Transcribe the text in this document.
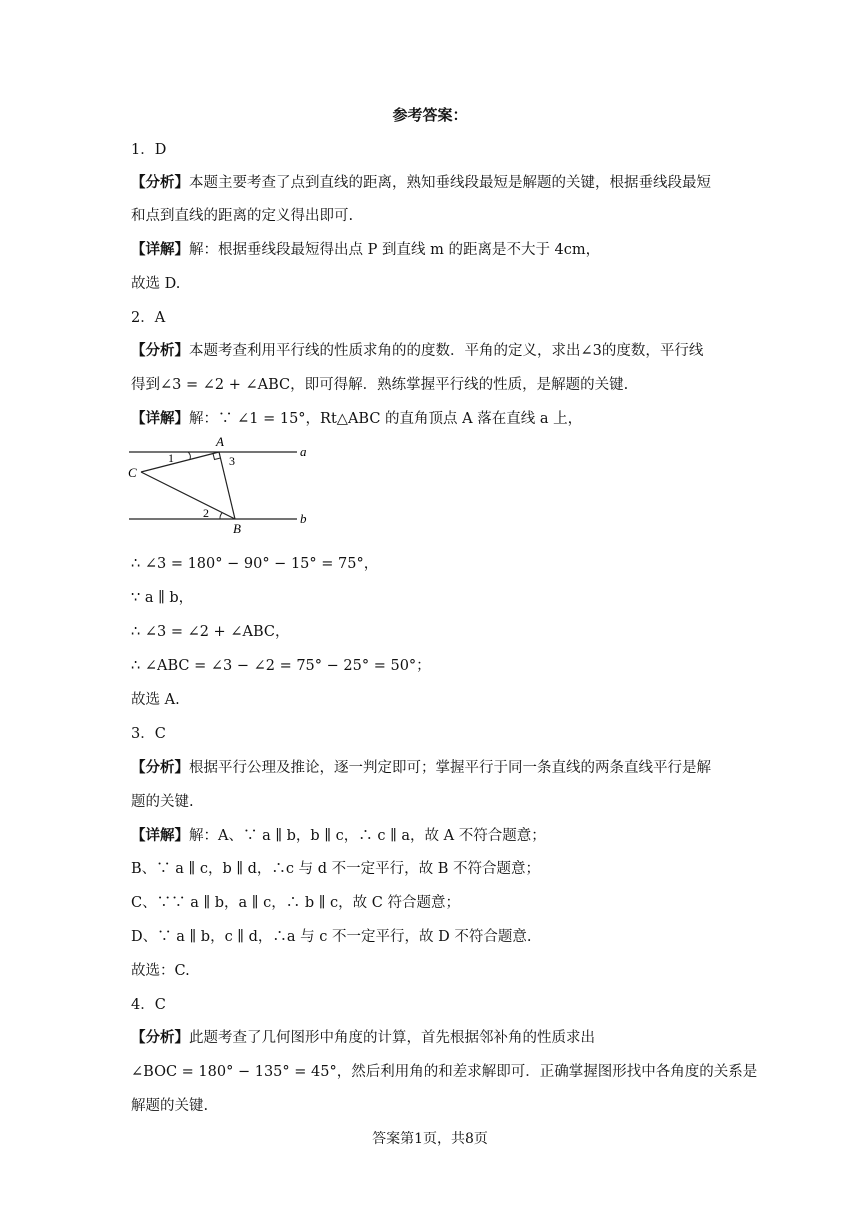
参考答案：
1．D
【分析】本题主要考查了点到直线的距离，熟知垂线段最短是解题的关键，根据垂线段最短
和点到直线的距离的定义得出即可.
【详解】解：根据垂线段最短得出点 P 到直线 m 的距离是不大于 4cm，
故选 D.
2．A
【分析】本题考查利用平行线的性质求角的的度数．平角的定义，求出∠3的度数，平行线
得到∠3 = ∠2 + ∠ABC，即可得解．熟练掌握平行线的性质，是解题的关键.
【详解】解：∵ ∠1 = 15°，Rt△ABC 的直角顶点 A 落在直线 a 上，
A
B
C
a
b
1
2
3
∴ ∠3 = 180° − 90° − 15° = 75°，
∵ a ∥ b，
∴ ∠3 = ∠2 + ∠ABC，
∴ ∠ABC = ∠3 − ∠2 = 75° − 25° = 50°；
故选 A.
3．C
【分析】根据平行公理及推论，逐一判定即可；掌握平行于同一条直线的两条直线平行是解
题的关键.
【详解】解：A、∵ a ∥ b，b ∥ c，∴ c ∥ a，故 A 不符合题意；
B、∵ a ∥ c，b ∥ d，∴c 与 d 不一定平行，故 B 不符合题意；
C、∵∵ a ∥ b，a ∥ c，∴ b ∥ c，故 C 符合题意；
D、∵ a ∥ b，c ∥ d，∴a 与 c 不一定平行，故 D 不符合题意.
故选：C.
4．C
【分析】此题考查了几何图形中角度的计算，首先根据邻补角的性质求出
∠BOC = 180° − 135° = 45°，然后利用角的和差求解即可．正确掌握图形找中各角度的关系是
解题的关键.
答案第1页，共8页
